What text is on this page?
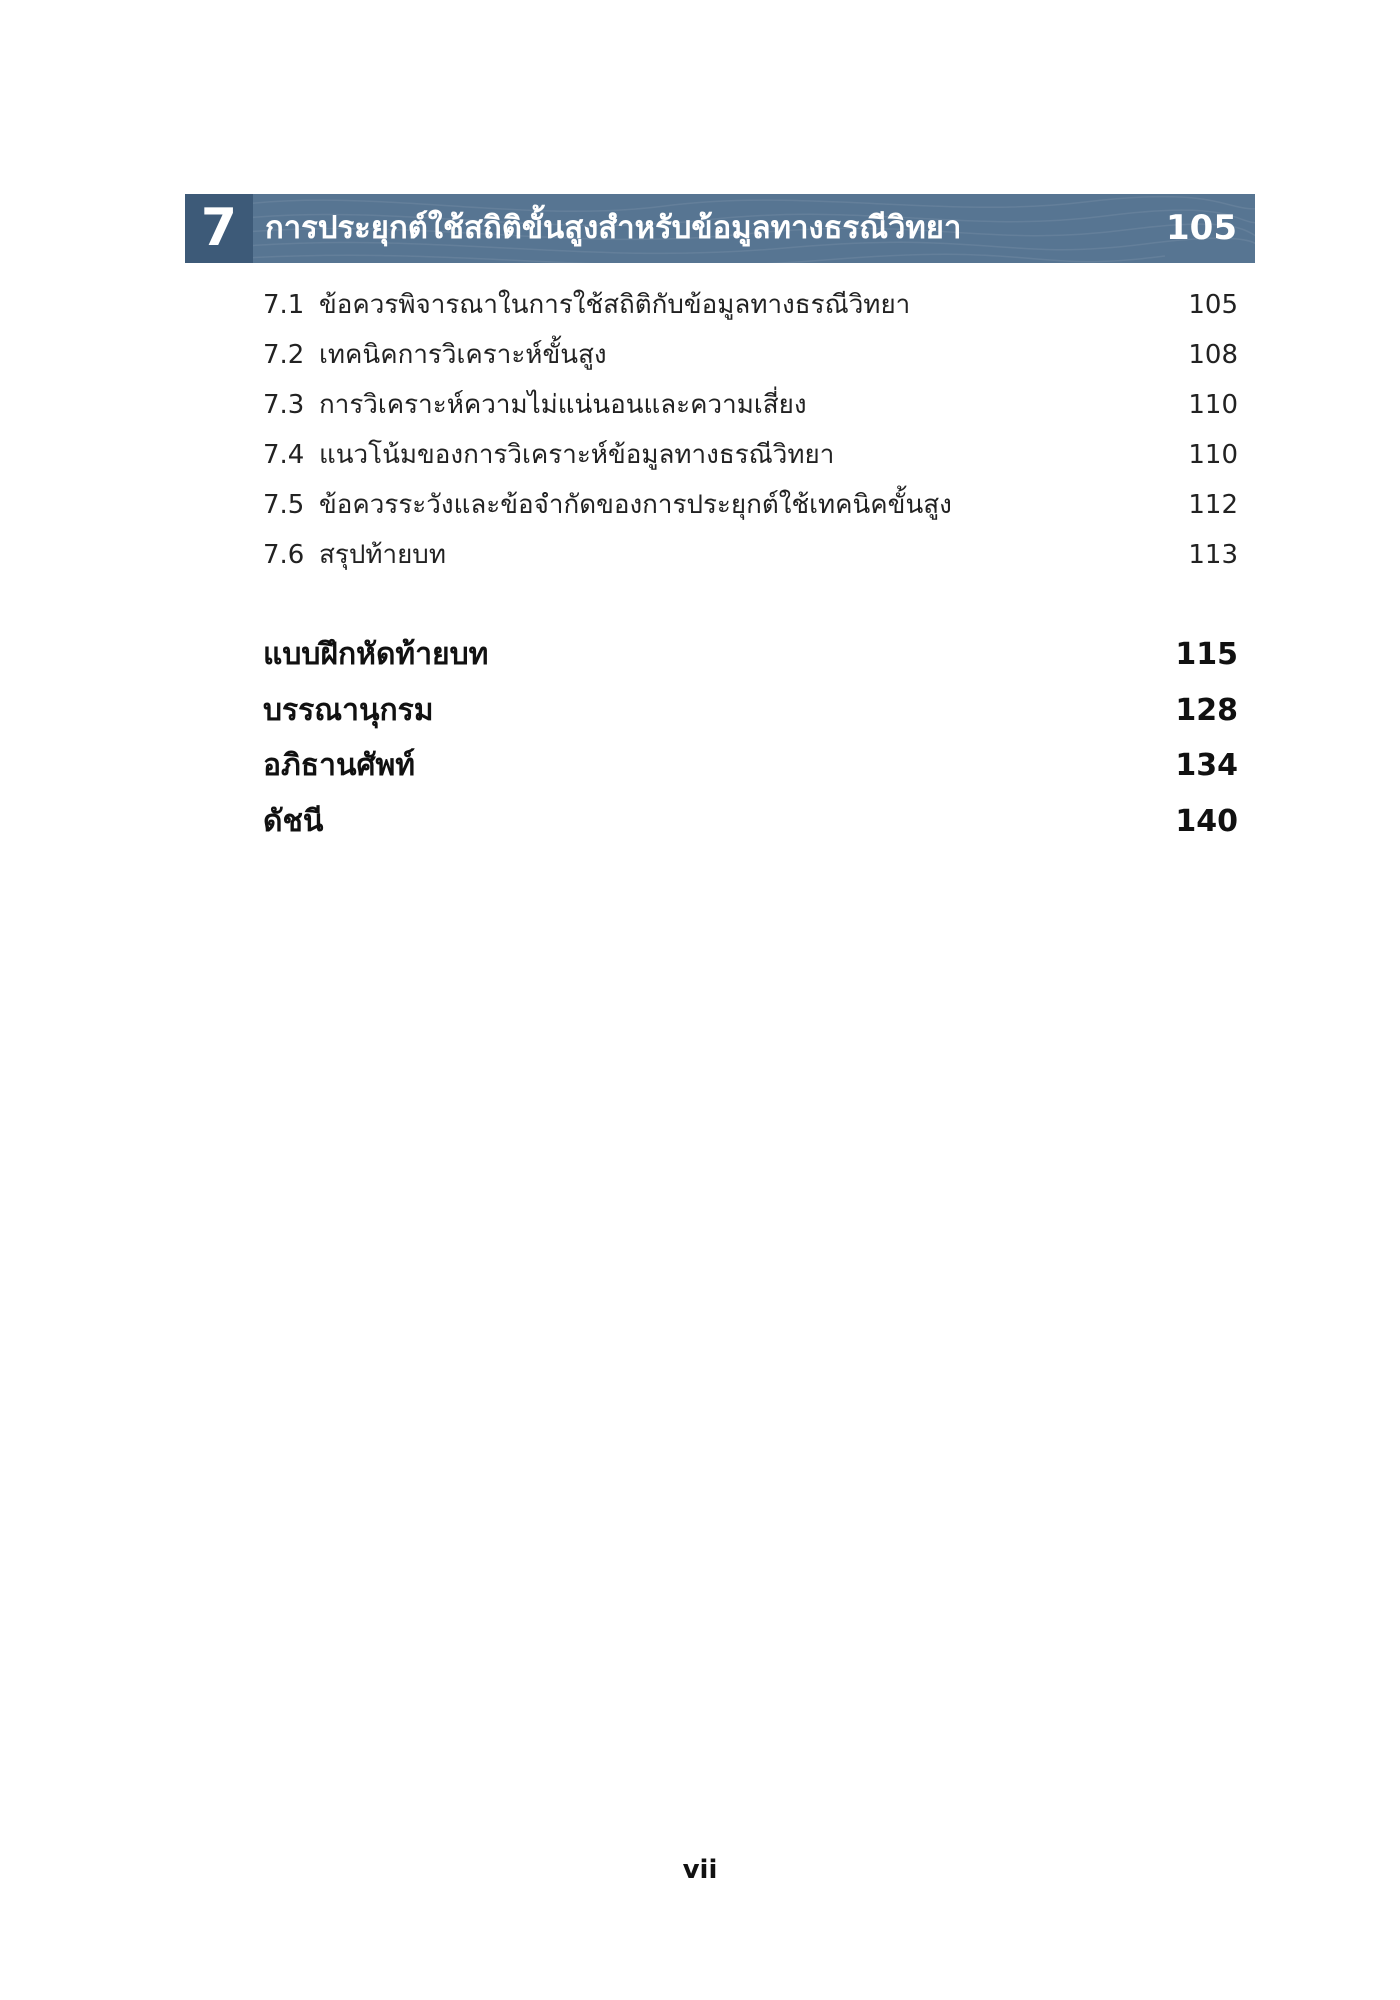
7 การประยุกต์ใช้สถิติขั้นสูงสำหรับข้อมูลทางธรณีวิทยา	105
7.1 ข้อควรพิจารณาในการใช้สถิติกับข้อมูลทางธรณีวิทยา	105
7.2 เทคนิคการวิเคราะห์ขั้นสูง	108
7.3 การวิเคราะห์ความไม่แน่นอนและความเสี่ยง	110
7.4 แนวโน้มของการวิเคราะห์ข้อมูลทางธรณีวิทยา	110
7.5 ข้อควรระวังและข้อจำกัดของการประยุกต์ใช้เทคนิคขั้นสูง	112
7.6 สรุปท้ายบท	113
แบบฝึกหัดท้ายบท	115
บรรณานุกรม	128
อภิธานศัพท์	134
ดัชนี	140
vii
